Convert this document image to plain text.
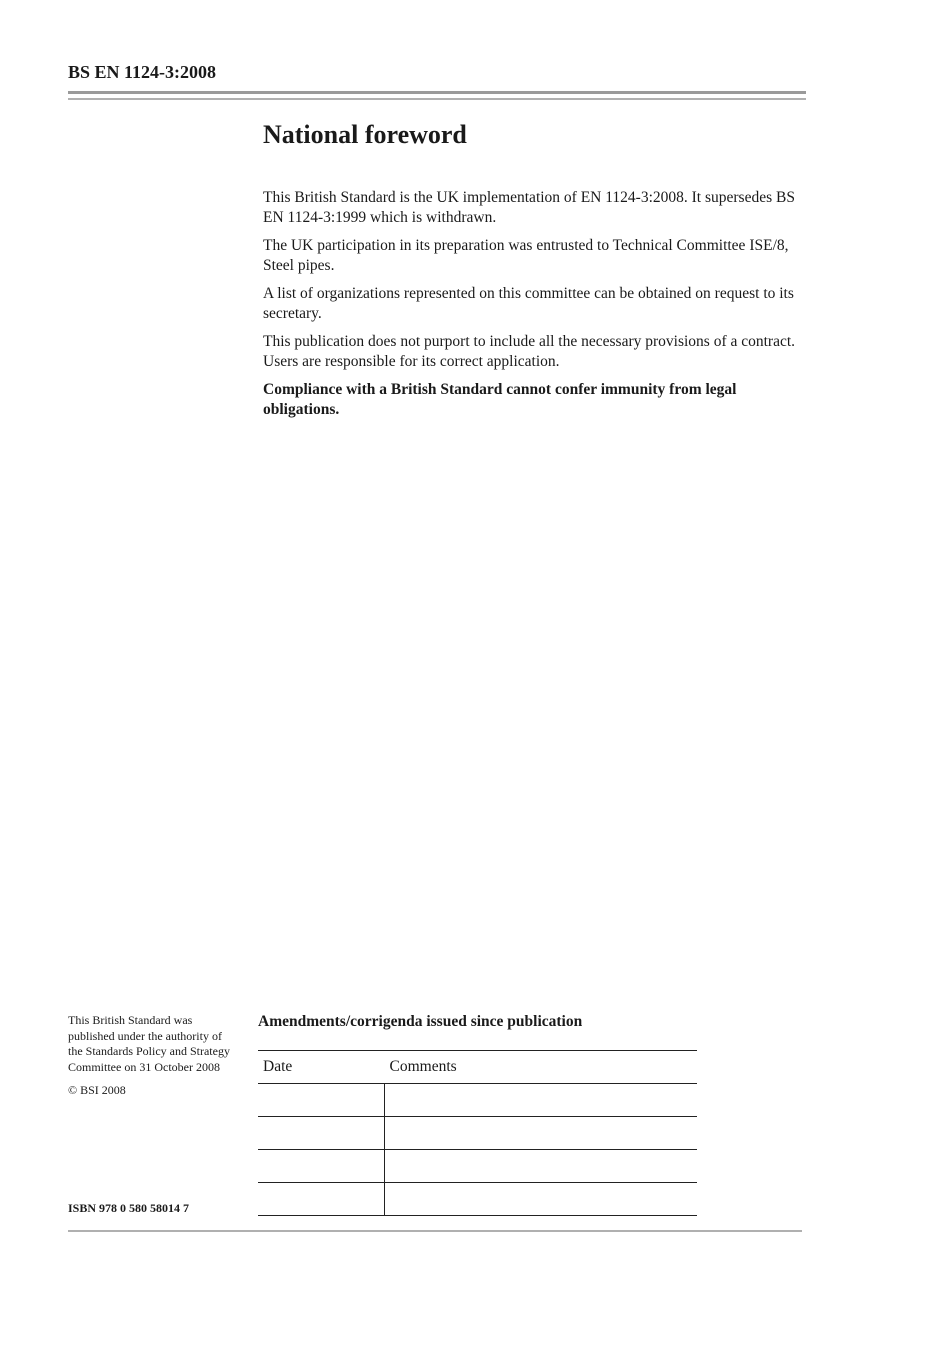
BS EN 1124-3:2008
National foreword

This British Standard is the UK implementation of EN 1124-3:2008. It supersedes BS EN 1124-3:1999 which is withdrawn.

The UK participation in its preparation was entrusted to Technical Committee ISE/8, Steel pipes.

A list of organizations represented on this committee can be obtained on request to its secretary.

This publication does not purport to include all the necessary provisions of a contract. Users are responsible for its correct application.

Compliance with a British Standard cannot confer immunity from legal obligations.

This British Standard was published under the authority of the Standards Policy and Strategy Committee on 31 October 2008

© BSI 2008

ISBN 978 0 580 58014 7
Amendments/corrigenda issued since publication
Date	Comments
